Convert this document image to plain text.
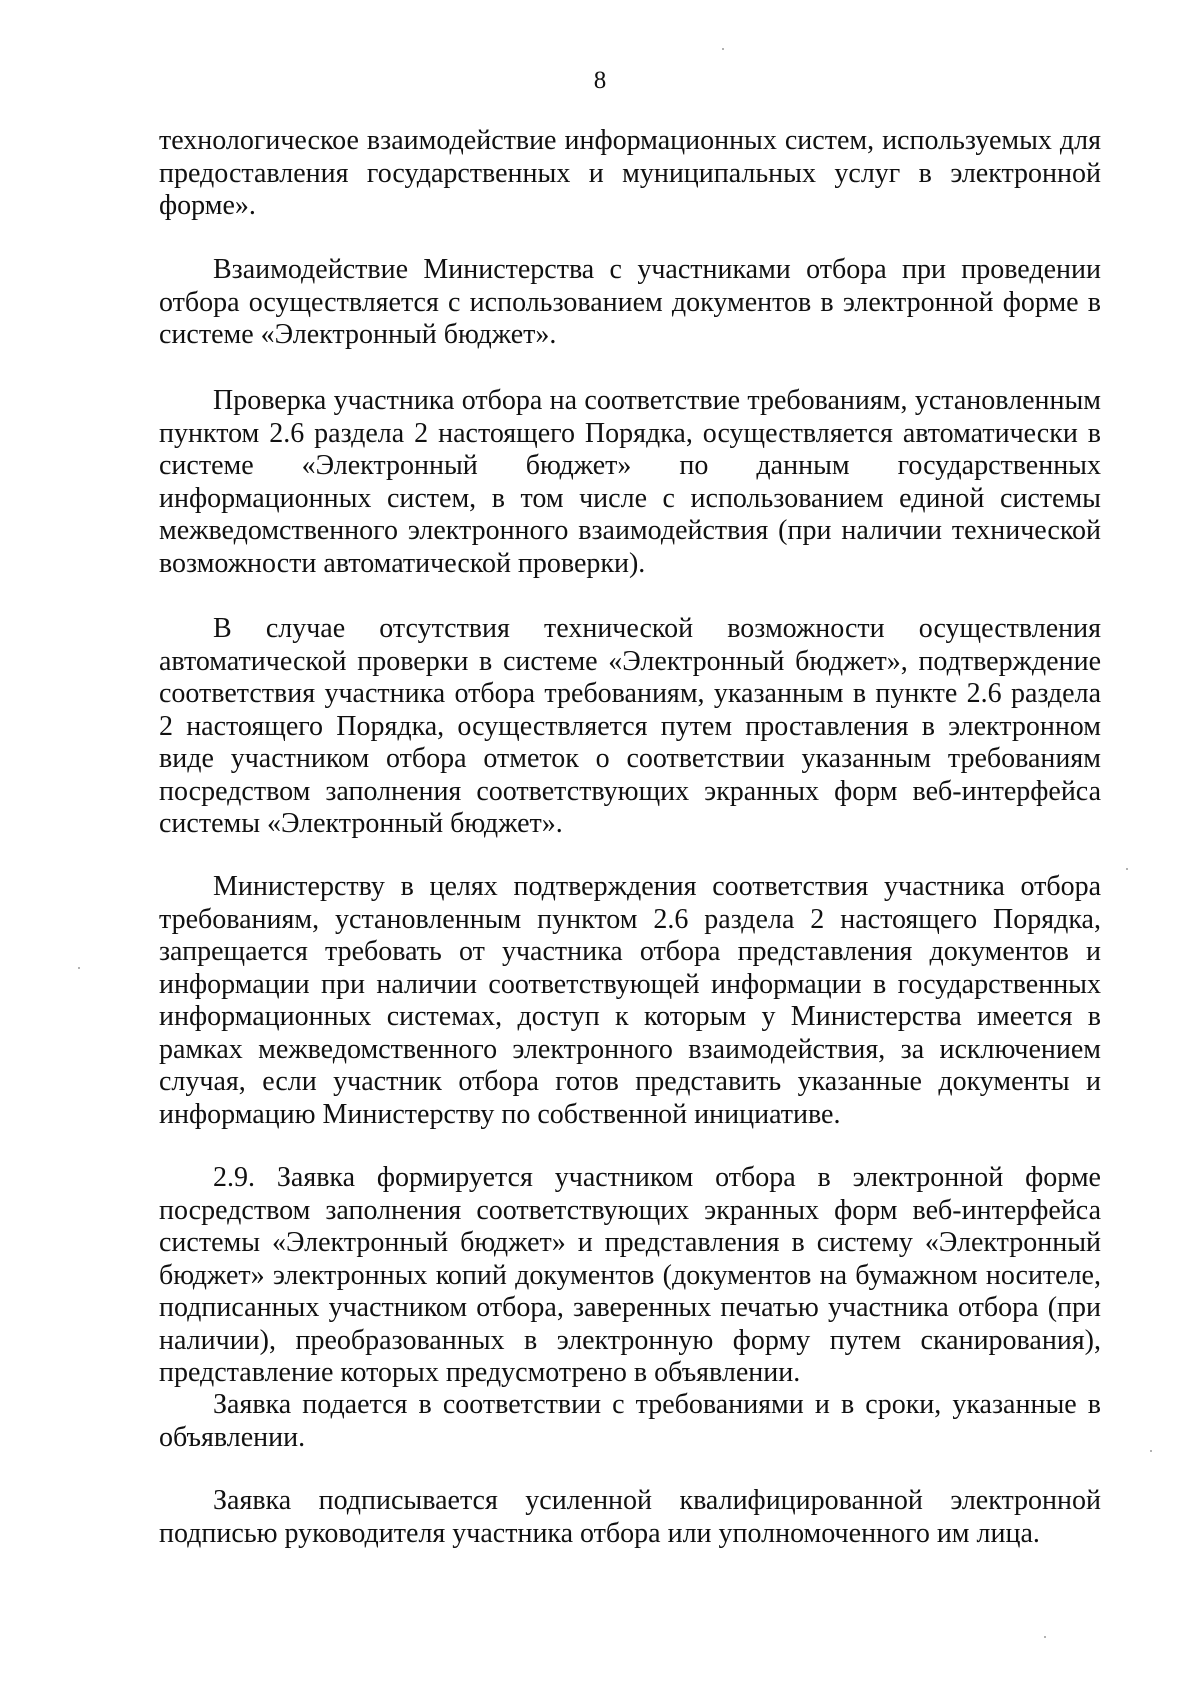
8
технологическое взаимодействие информационных систем, используемых для предоставления государственных и муниципальных услуг в электронной форме».
Взаимодействие Министерства с участниками отбора при проведении отбора осуществляется с использованием документов в электронной форме в системе «Электронный бюджет».
Проверка участника отбора на соответствие требованиям, установленным пунктом 2.6 раздела 2 настоящего Порядка, осуществляется автоматически в системе «Электронный бюджет» по данным государственных информационных систем, в том числе с использованием единой системы межведомственного электронного взаимодействия (при наличии технической возможности автоматической проверки).
В случае отсутствия технической возможности осуществления автоматической проверки в системе «Электронный бюджет», подтверждение соответствия участника отбора требованиям, указанным в пункте 2.6 раздела 2 настоящего Порядка, осуществляется путем проставления в электронном виде участником отбора отметок о соответствии указанным требованиям посредством заполнения соответствующих экранных форм веб-интерфейса системы «Электронный бюджет».
Министерству в целях подтверждения соответствия участника отбора требованиям, установленным пунктом 2.6 раздела 2 настоящего Порядка, запрещается требовать от участника отбора представления документов и информации при наличии соответствующей информации в государственных информационных системах, доступ к которым у Министерства имеется в рамках межведомственного электронного взаимодействия, за исключением случая, если участник отбора готов представить указанные документы и информацию Министерству по собственной инициативе.
2.9. Заявка формируется участником отбора в электронной форме посредством заполнения соответствующих экранных форм веб-интерфейса системы «Электронный бюджет» и представления в систему «Электронный бюджет» электронных копий документов (документов на бумажном носителе, подписанных участником отбора, заверенных печатью участника отбора (при наличии), преобразованных в электронную форму путем сканирования), представление которых предусмотрено в объявлении.
Заявка подается в соответствии с требованиями и в сроки, указанные в объявлении.
Заявка подписывается усиленной квалифицированной электронной подписью руководителя участника отбора или уполномоченного им лица.
